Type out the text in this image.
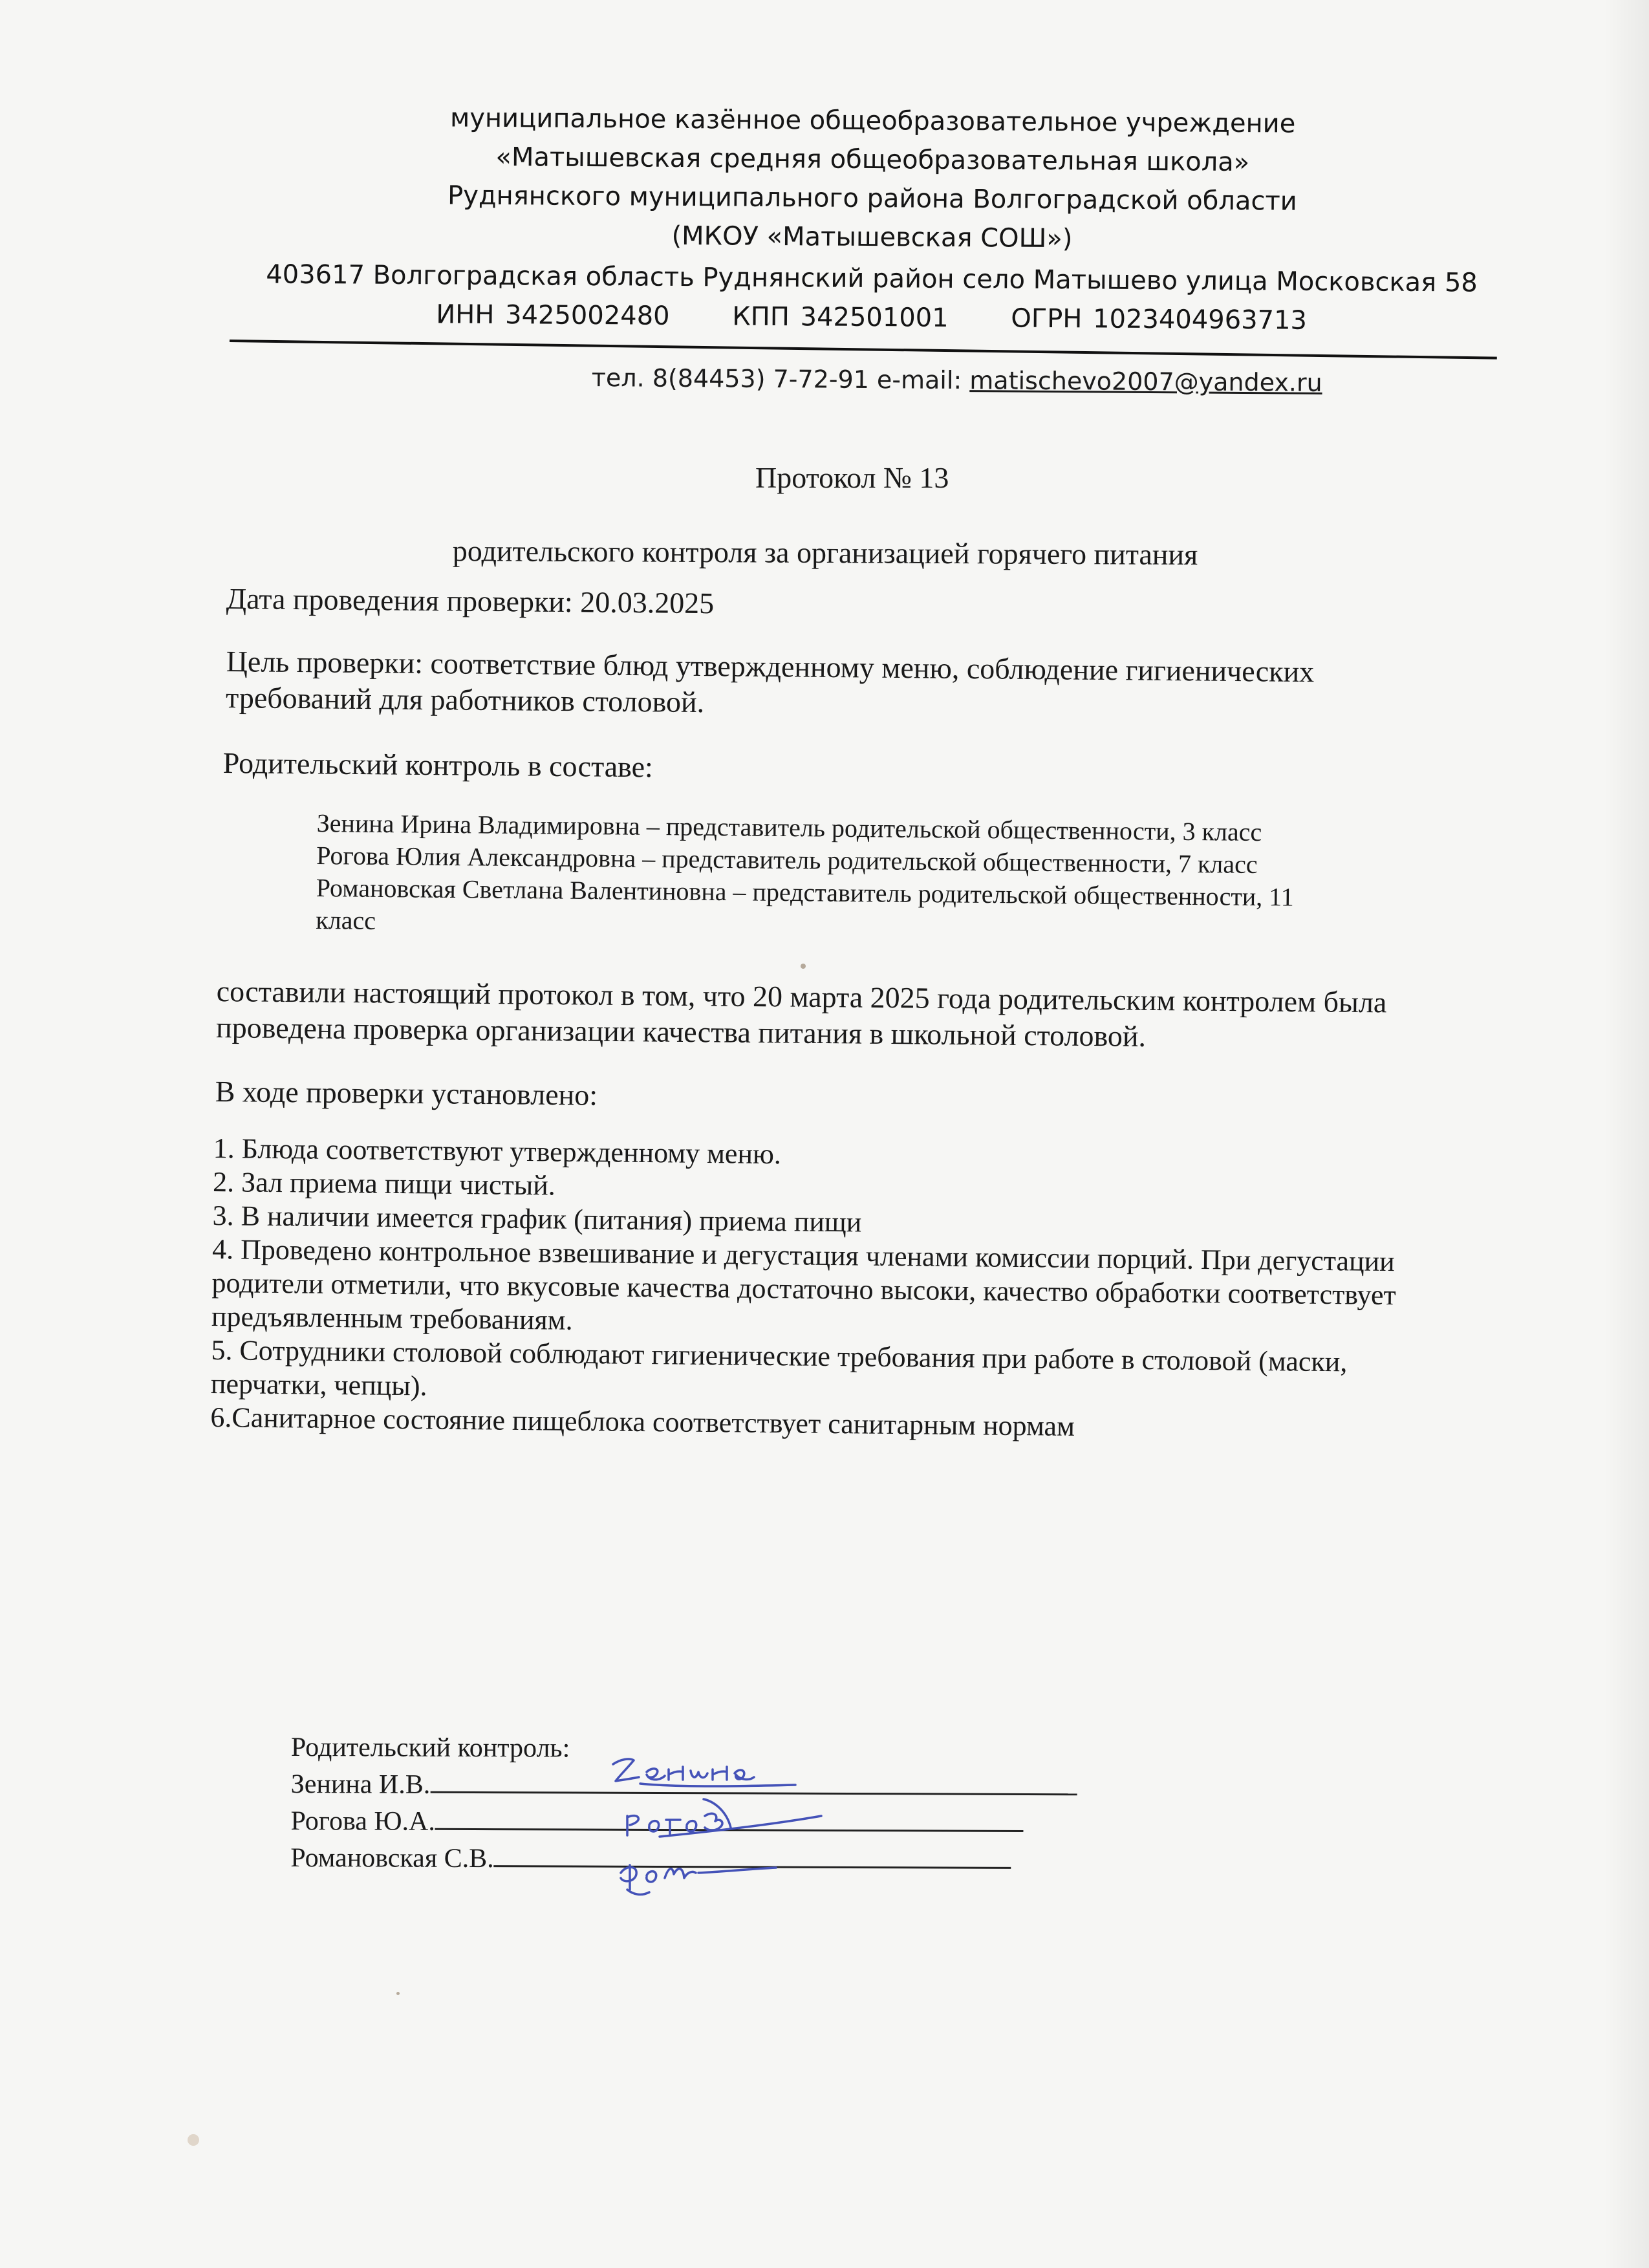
муниципальное казённое общеобразовательное учреждение
«Матышевская средняя общеобразовательная школа»
Руднянского муниципального района Волгоградской области
(МКОУ «Матышевская СОШ»)
403617 Волгоградская область Руднянский район село Матышево улица Московская 58
ИНН 3425002480 КПП 342501001 ОГРН 1023404963713
тел. 8(84453) 7-72-91 e-mail: matischevo2007@yandex.ru
Протокол № 13
родительского контроля за организацией горячего питания
Дата проведения проверки: 20.03.2025
Цель проверки: соответствие блюд утвержденному меню, соблюдение гигиенических требований для работников столовой.
Родительский контроль в составе:
Зенина Ирина Владимировна – представитель родительской общественности, 3 класс
Рогова Юлия Александровна – представитель родительской общественности, 7 класс
Романовская Светлана Валентиновна – представитель родительской общественности, 11
класс
составили настоящий протокол в том, что 20 марта 2025 года родительским контролем была проведена проверка организации качества питания в школьной столовой.
В ходе проверки установлено:
1. Блюда соответствуют утвержденному меню.
2. Зал приема пищи чистый.
3. В наличии имеется график (питания) приема пищи
4. Проведено контрольное взвешивание и дегустация членами комиссии порций. При дегустации родители отметили, что вкусовые качества достаточно высоки, качество обработки соответствует предъявленным требованиям.
5. Сотрудники столовой соблюдают гигиенические требования при работе в столовой (маски, перчатки, чепцы).
6.Санитарное состояние пищеблока соответствует санитарным нормам
Родительский контроль:
Зенина И.В.
Рогова Ю.А.
Романовская С.В.
